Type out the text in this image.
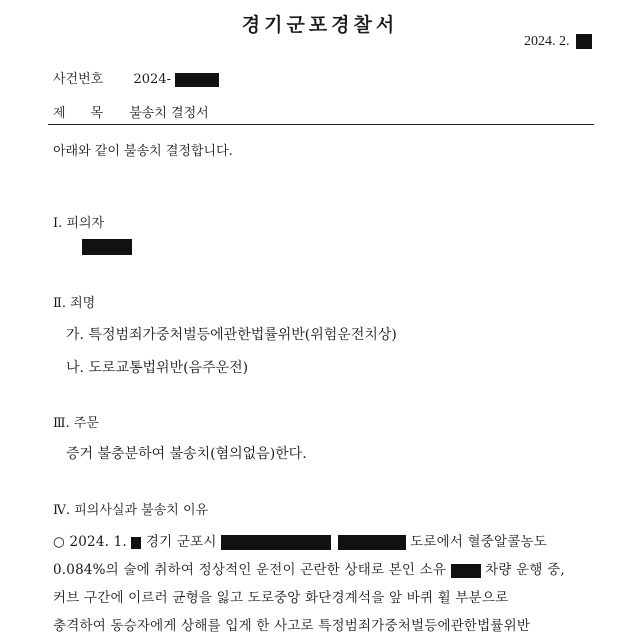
경기군포경찰서
2024. 2.
사건번호 2024-
제      목 불송치 결정서
아래와 같이 불송치 결정합니다.
Ⅰ. 피의자
Ⅱ. 죄명
가. 특정범죄가중처벌등에관한법률위반(위험운전치상)
나. 도로교통법위반(음주운전)
Ⅲ. 주문
증거 불충분하여 불송치(혐의없음)한다.
Ⅳ. 피의사실과 불송치 이유
○ 2024. 1. 경기 군포시	도로에서 혈중알콜농도
0.084%의 술에 취하여 정상적인 운전이 곤란한 상태로 본인 소유	차량 운행 중,
커브 구간에 이르러 균형을 잃고 도로중앙 화단경계석을 앞 바퀴 휠 부분으로
충격하여 동승자에게 상해를 입게 한 사고로 특정범죄가중처벌등에관한법률위반
